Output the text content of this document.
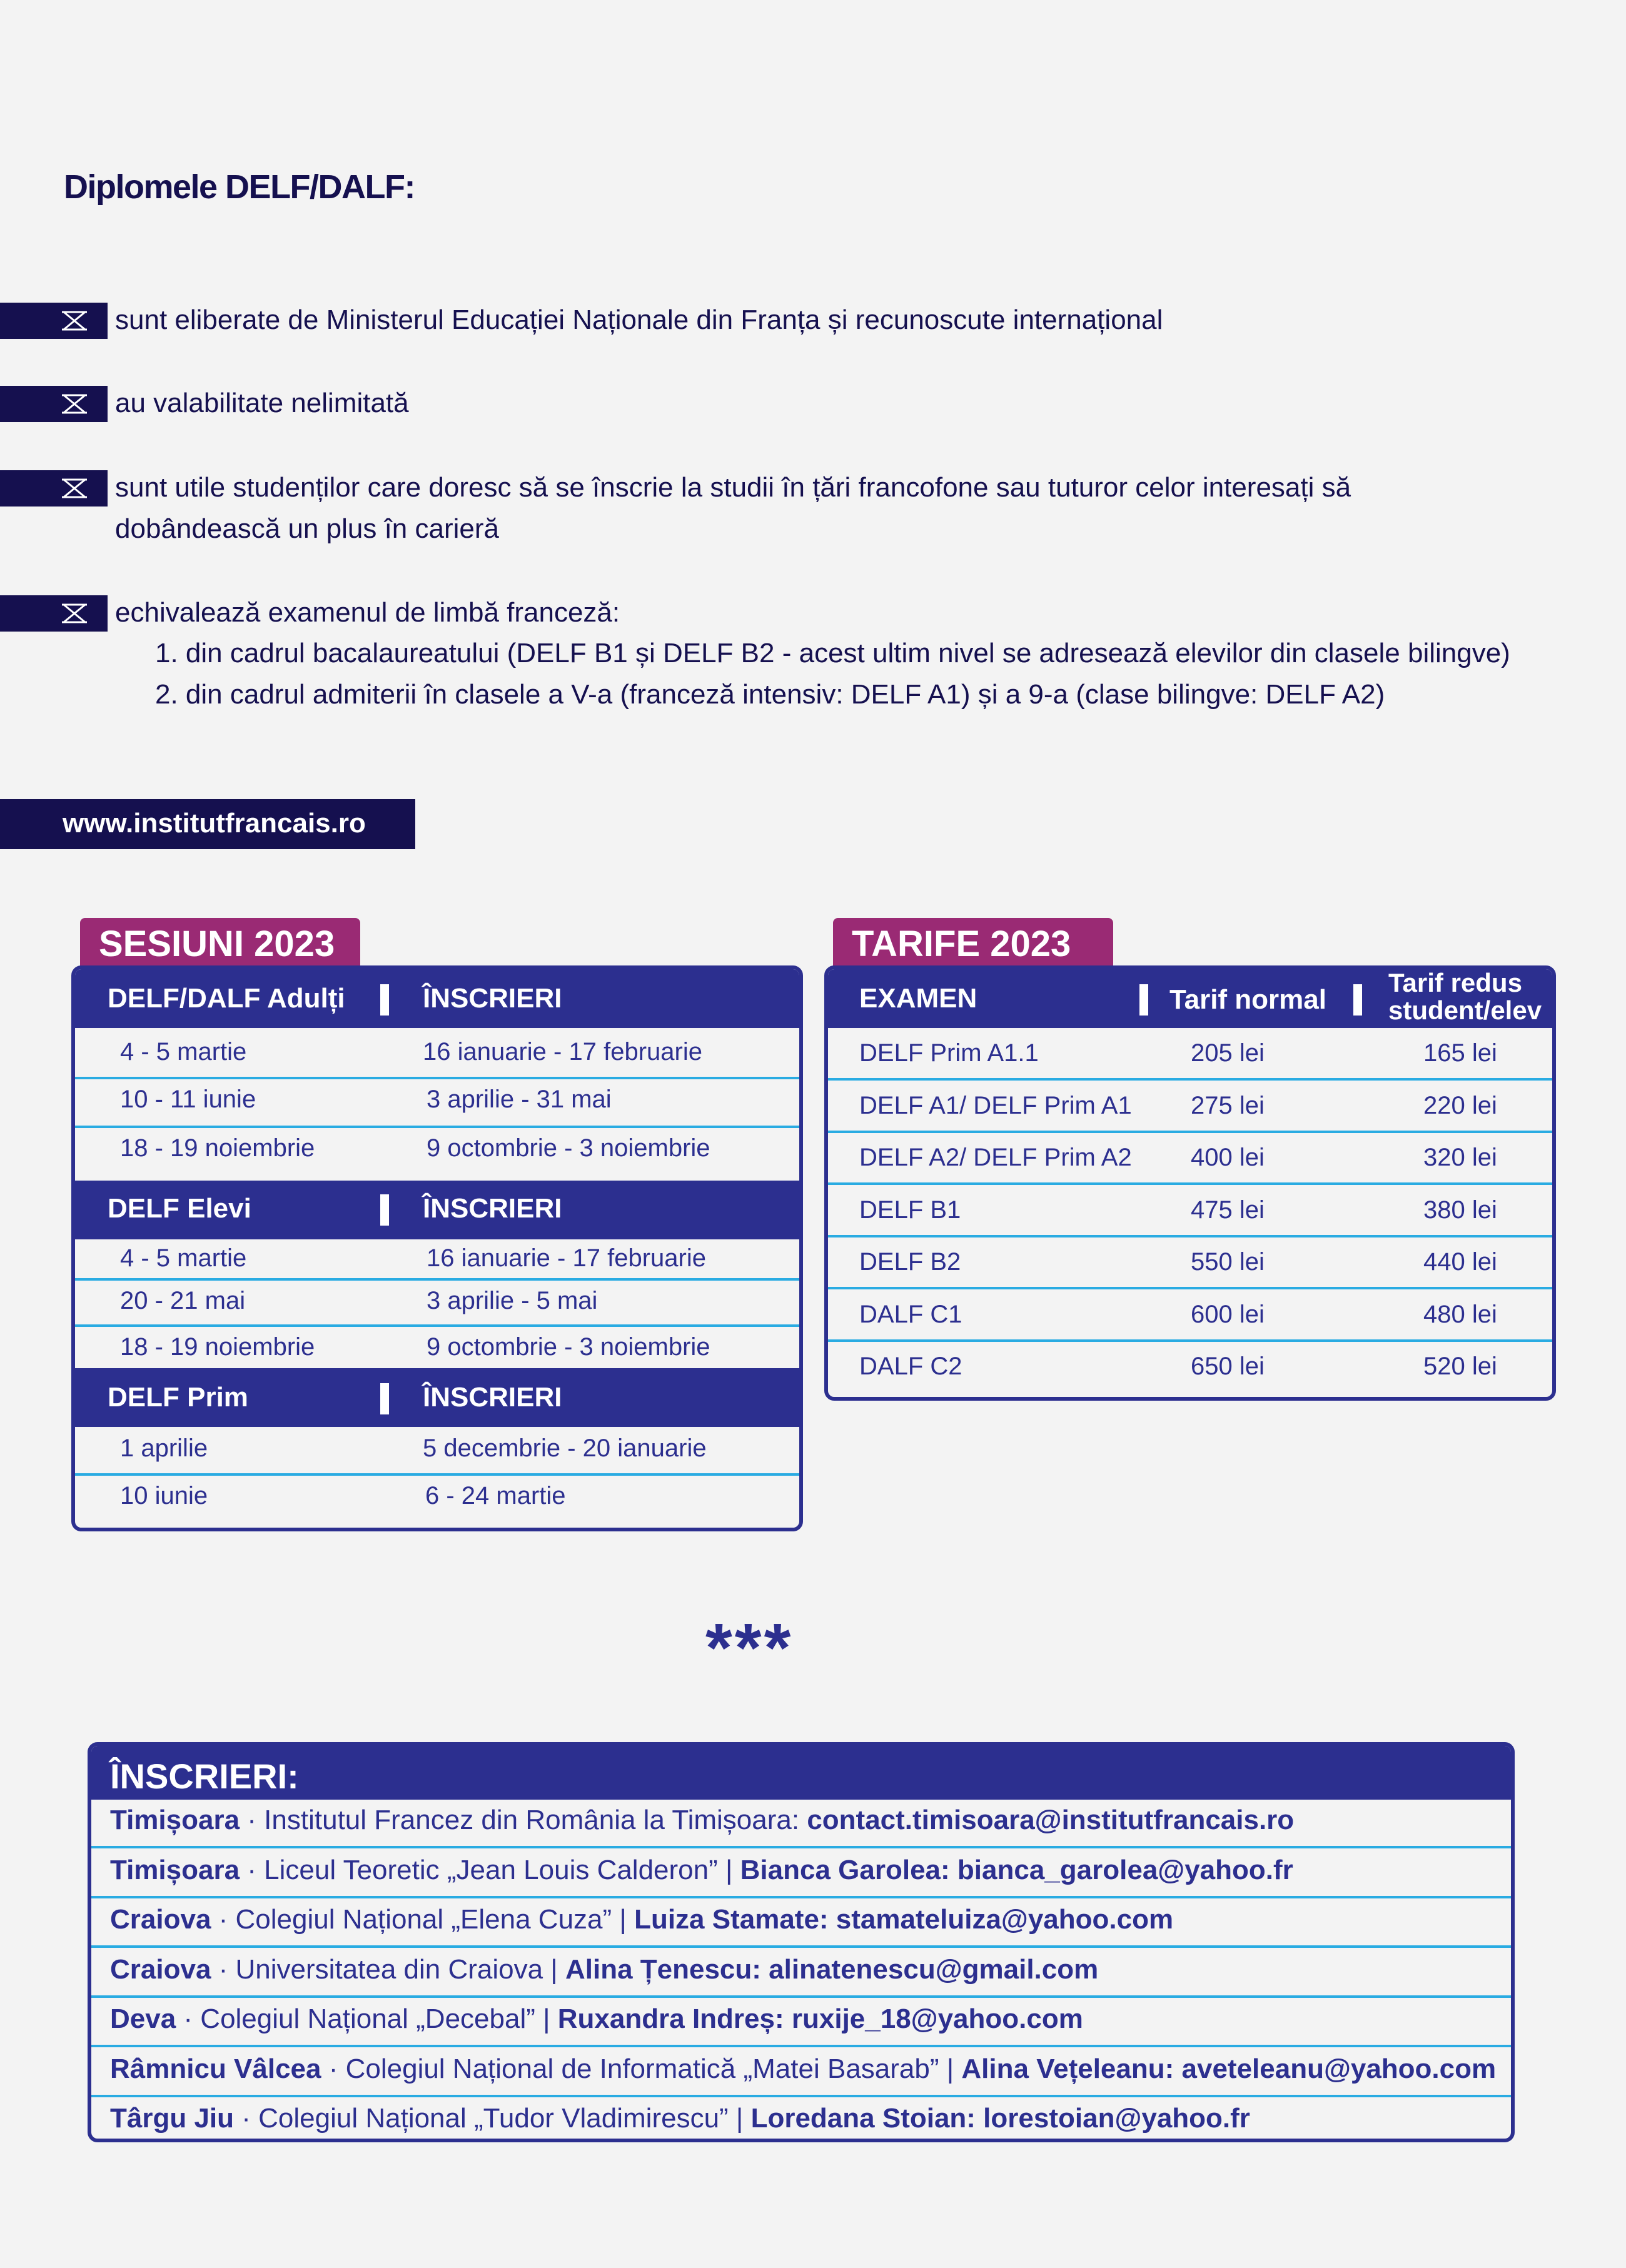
Diplomele DELF/DALF:
sunt eliberate de Ministerul Educației Naționale din Franța și recunoscute internațional
au valabilitate nelimitată
sunt utile studenților care doresc să se înscrie la studii în țări francofone sau tuturor celor interesați să
dobândească un plus în carieră
echivalează examenul de limbă franceză:
1. din cadrul bacalaureatului (DELF B1 și DELF B2 - acest ultim nivel se adresează elevilor din clasele bilingve)
2. din cadrul admiterii în clasele a V-a (franceză intensiv: DELF A1) și a 9-a (clase bilingve: DELF A2)
www.institutfrancais.ro
SESIUNI 2023
DELF/DALF Adulți	ÎNSCRIERI
4 - 5 martie	16 ianuarie - 17 februarie
10 - 11 iunie	3 aprilie - 31 mai
18 - 19 noiembrie	9 octombrie - 3 noiembrie
DELF Elevi	ÎNSCRIERI
4 - 5 martie	16 ianuarie - 17 februarie
20 - 21 mai	3 aprilie - 5 mai
18 - 19 noiembrie	9 octombrie - 3 noiembrie
DELF Prim	ÎNSCRIERI
1 aprilie	5 decembrie - 20 ianuarie
10 iunie	6 - 24 martie
TARIFE 2023
EXAMEN	Tarif normal
Tarif redus
student/elev
DELF Prim A1.1	205 lei	165 lei
DELF A1/ DELF Prim A1 275 lei	220 lei
DELF A2/ DELF Prim A2 400 lei	320 lei
DELF B1	475 lei	380 lei
DELF B2	550 lei	440 lei
DALF C1	600 lei	480 lei
DALF C2	650 lei	520 lei
***
ÎNSCRIERI:
Timișoara · Institutul Francez din România la Timișoara: contact.timisoara@institutfrancais.ro
Timișoara · Liceul Teoretic „Jean Louis Calderon” | Bianca Garolea: bianca_garolea@yahoo.fr
Craiova · Colegiul Național „Elena Cuza” | Luiza Stamate: stamateluiza@yahoo.com
Craiova · Universitatea din Craiova | Alina Țenescu: alinatenescu@gmail.com
Deva · Colegiul Național „Decebal” | Ruxandra Indreș: ruxije_18@yahoo.com
Râmnicu Vâlcea · Colegiul Național de Informatică „Matei Basarab” | Alina Vețeleanu: aveteleanu@yahoo.com
Târgu Jiu · Colegiul Național „Tudor Vladimirescu” | Loredana Stoian: lorestoian@yahoo.fr
